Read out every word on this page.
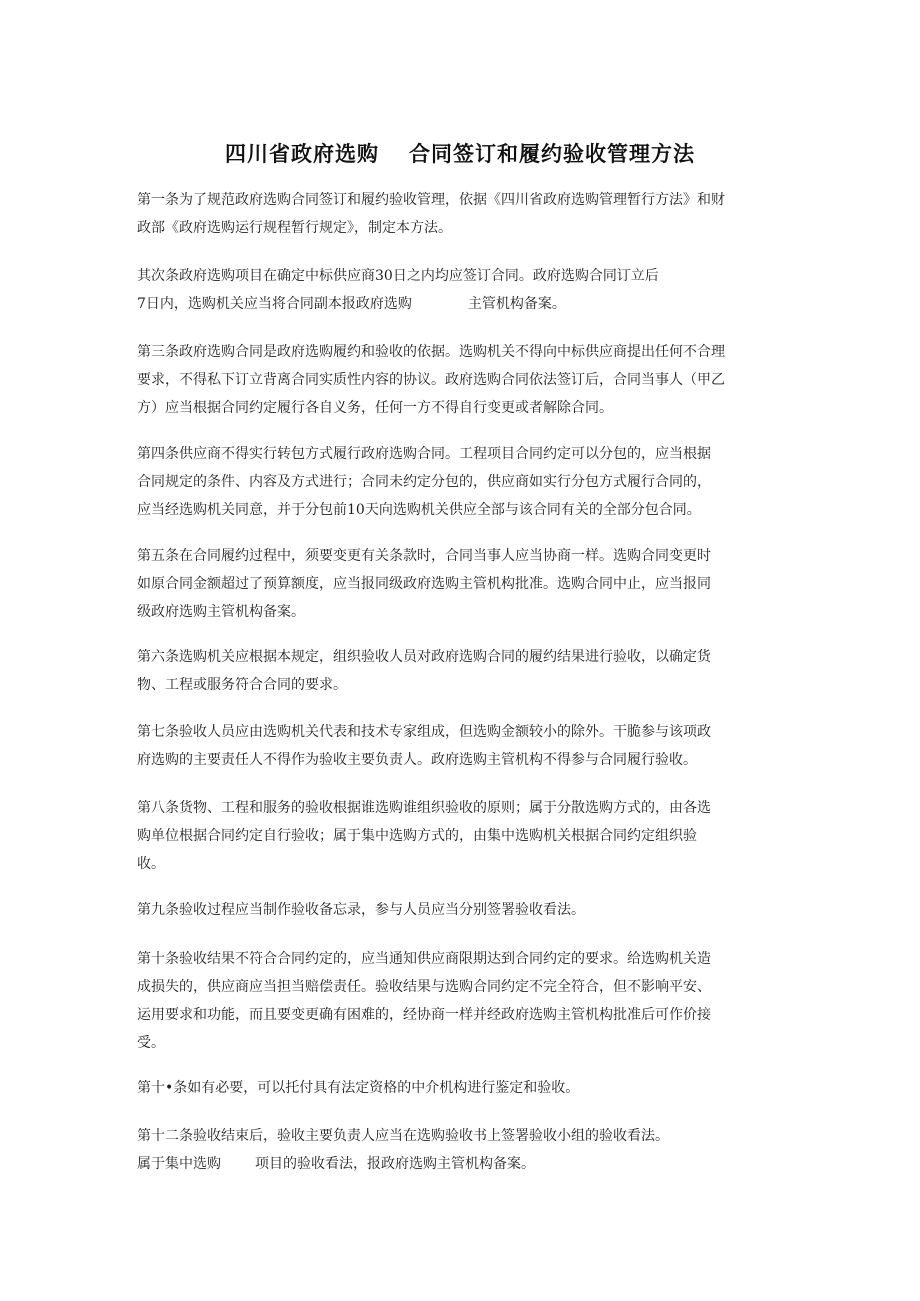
四川省政府选购 合同签订和履约验收管理方法

第一条为了规范政府选购合同签订和履约验收管理，依据《四川省政府选购管理暂行方法》和财
政部《政府选购运行规程暂行规定》，制定本方法。

其次条政府选购项目在确定中标供应商30日之内均应签订合同。政府选购合同订立后
7日内，选购机关应当将合同副本报政府选购	主管机构备案。

第三条政府选购合同是政府选购履约和验收的依据。选购机关不得向中标供应商提出任何不合理
要求，不得私下订立背离合同实质性内容的协议。政府选购合同依法签订后，合同当事人（甲乙
方）应当根据合同约定履行各自义务，任何一方不得自行变更或者解除合同。

第四条供应商不得实行转包方式履行政府选购合同。工程项目合同约定可以分包的，应当根据
合同规定的条件、内容及方式进行；合同未约定分包的，供应商如实行分包方式履行合同的，
应当经选购机关同意，并于分包前10天向选购机关供应全部与该合同有关的全部分包合同。

第五条在合同履约过程中，须要变更有关条款时，合同当事人应当协商一样。选购合同变更时
如原合同金额超过了预算额度，应当报同级政府选购主管机构批准。选购合同中止，应当报同
级政府选购主管机构备案。

第六条选购机关应根据本规定，组织验收人员对政府选购合同的履约结果进行验收，以确定货
物、工程或服务符合合同的要求。

第七条验收人员应由选购机关代表和技术专家组成，但选购金额较小的除外。干脆参与该项政
府选购的主要责任人不得作为验收主要负责人。政府选购主管机构不得参与合同履行验收。

第八条货物、工程和服务的验收根据谁选购谁组织验收的原则；属于分散选购方式的，由各选
购单位根据合同约定自行验收；属于集中选购方式的，由集中选购机关根据合同约定组织验
收。

第九条验收过程应当制作验收备忘录，参与人员应当分别签署验收看法。

第十条验收结果不符合合同约定的，应当通知供应商限期达到合同约定的要求。给选购机关造
成损失的，供应商应当担当赔偿责任。验收结果与选购合同约定不完全符合，但不影响平安、
运用要求和功能，而且要变更确有困难的，经协商一样并经政府选购主管机构批准后可作价接
受。

第十•条如有必要，可以托付具有法定资格的中介机构进行鉴定和验收。

第十二条验收结束后，验收主要负责人应当在选购验收书上签署验收小组的验收看法。
属于集中选购 项目的验收看法，报政府选购主管机构备案。
